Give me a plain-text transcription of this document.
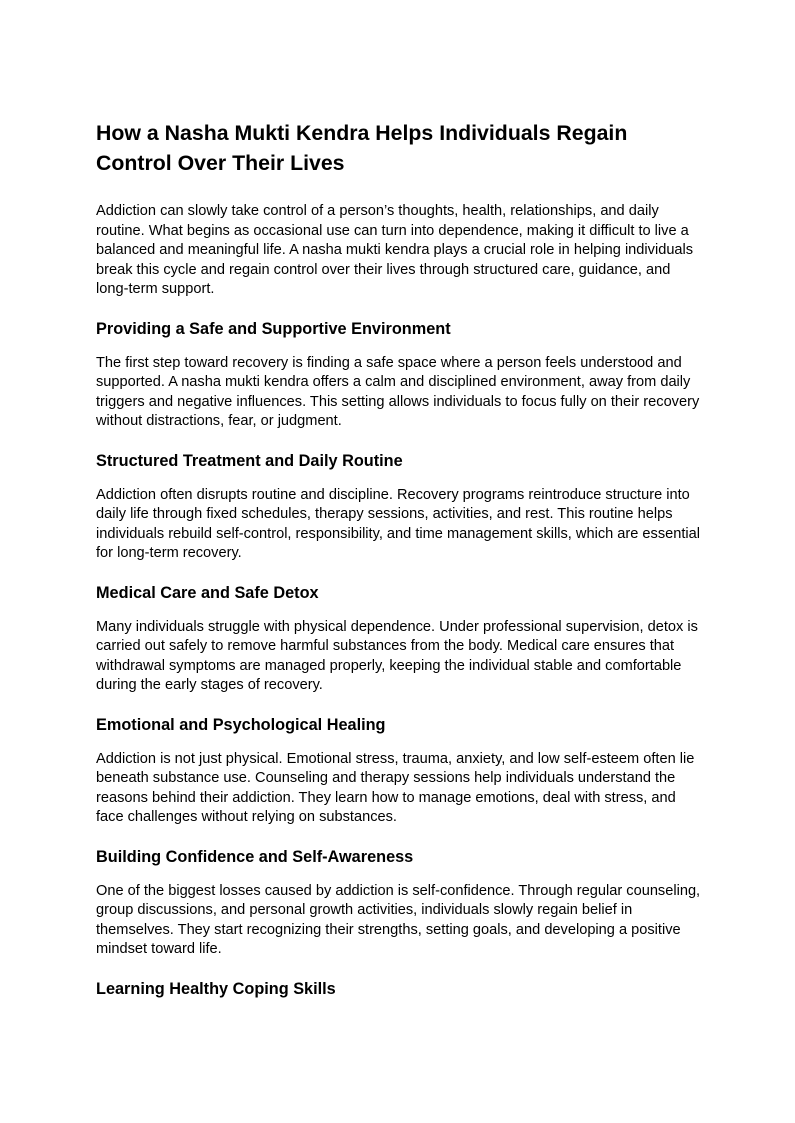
How a Nasha Mukti Kendra Helps Individuals Regain Control Over Their Lives

Addiction can slowly take control of a person’s thoughts, health, relationships, and daily routine. What begins as occasional use can turn into dependence, making it difficult to live a balanced and meaningful life. A nasha mukti kendra plays a crucial role in helping individuals break this cycle and regain control over their lives through structured care, guidance, and long-term support.

Providing a Safe and Supportive Environment

The first step toward recovery is finding a safe space where a person feels understood and supported. A nasha mukti kendra offers a calm and disciplined environment, away from daily triggers and negative influences. This setting allows individuals to focus fully on their recovery without distractions, fear, or judgment.

Structured Treatment and Daily Routine

Addiction often disrupts routine and discipline. Recovery programs reintroduce structure into daily life through fixed schedules, therapy sessions, activities, and rest. This routine helps individuals rebuild self-control, responsibility, and time management skills, which are essential for long-term recovery.

Medical Care and Safe Detox

Many individuals struggle with physical dependence. Under professional supervision, detox is carried out safely to remove harmful substances from the body. Medical care ensures that withdrawal symptoms are managed properly, keeping the individual stable and comfortable during the early stages of recovery.

Emotional and Psychological Healing

Addiction is not just physical. Emotional stress, trauma, anxiety, and low self-esteem often lie beneath substance use. Counseling and therapy sessions help individuals understand the reasons behind their addiction. They learn how to manage emotions, deal with stress, and face challenges without relying on substances.

Building Confidence and Self-Awareness

One of the biggest losses caused by addiction is self-confidence. Through regular counseling, group discussions, and personal growth activities, individuals slowly regain belief in themselves. They start recognizing their strengths, setting goals, and developing a positive mindset toward life.

Learning Healthy Coping Skills
